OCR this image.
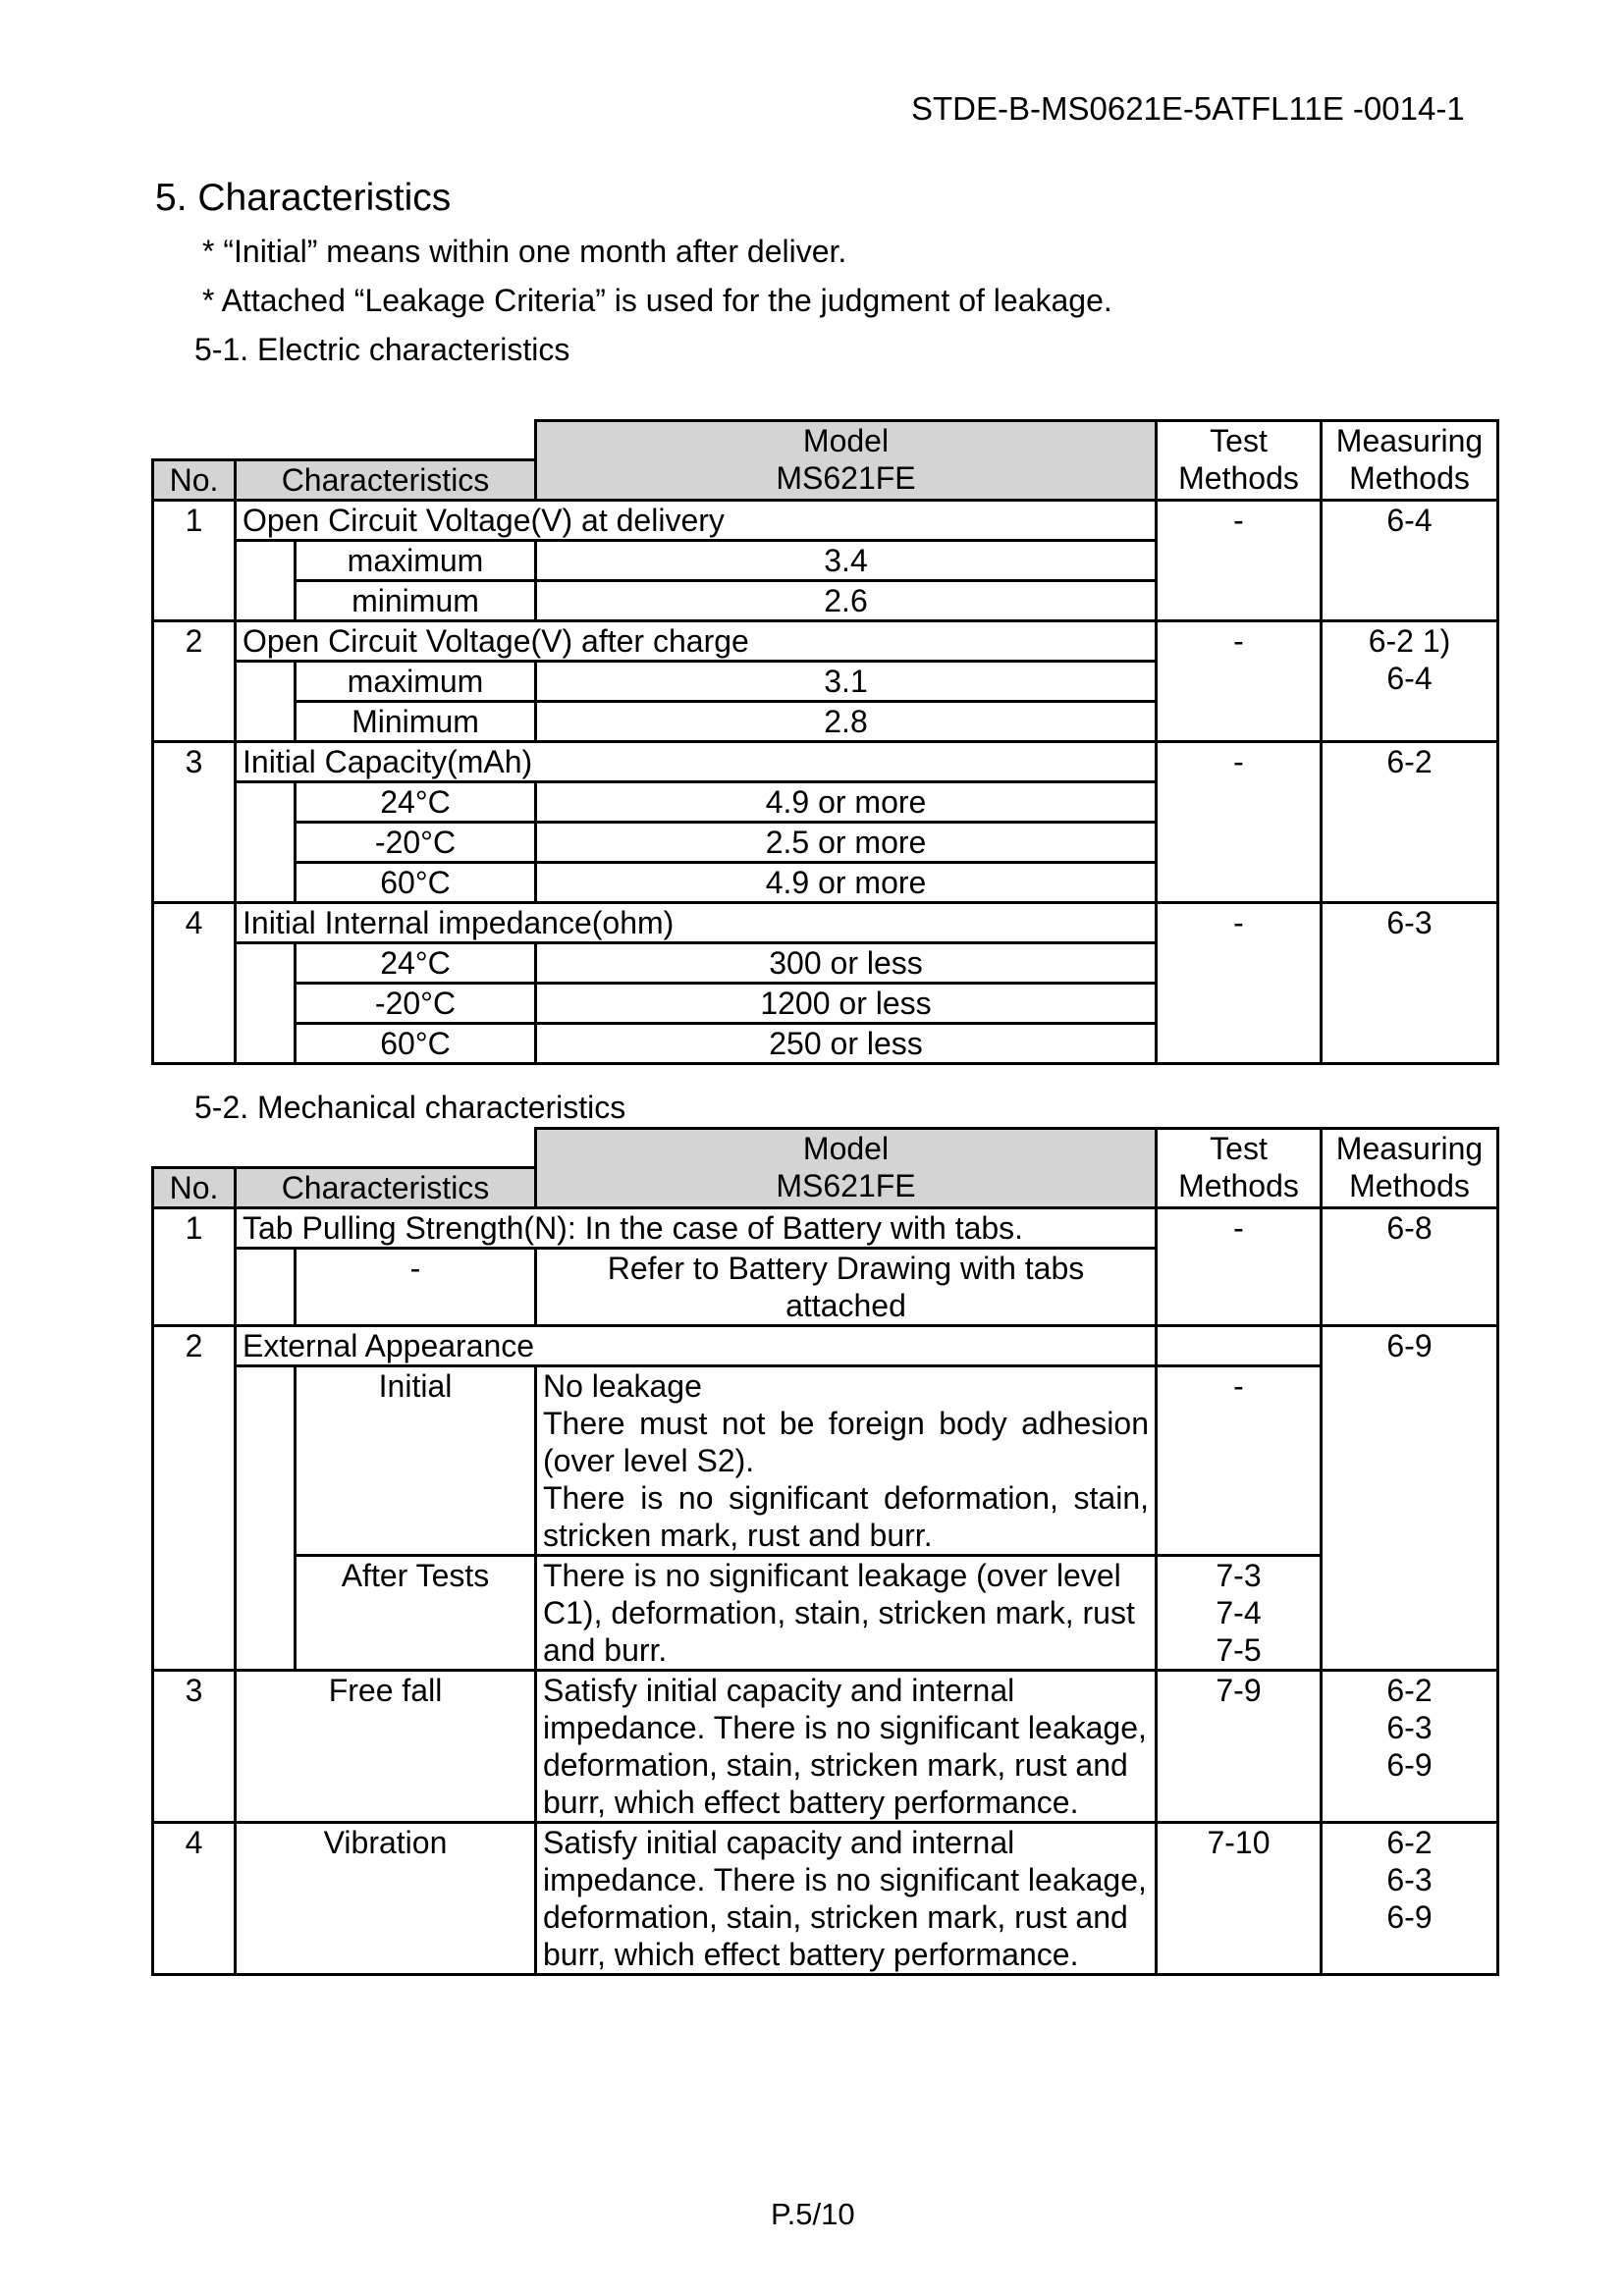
STDE-B-MS0621E-5ATFL11E -0014-1
5. Characteristics
* “Initial” means within one month after deliver.
* Attached “Leakage Criteria” is used for the judgment of leakage.
5-1. Electric characteristics
			Model	Test	Measuring
No.	Characteristics		MS621FE	Methods	Methods
1	Open Circuit Voltage(V) at delivery			-	6-4
		maximum	3.4		
		minimum	2.6		
2	Open Circuit Voltage(V) after charge			-	6-2 1)
6-4

		maximum	3.1		
		Minimum	2.8		
3	Initial Capacity(mAh)			-	6-2
		24°C	4.9 or more		
		-20°C	2.5 or more		
		60°C	4.9 or more		
4	Initial Internal impedance(ohm)			-	6-3
		24°C	300 or less		
		-20°C	1200 or less		
		60°C	250 or less		
5-2. Mechanical characteristics
			Model	Test	Measuring
No.	Characteristics		MS621FE	Methods	Methods
1	Tab Pulling Strength(N): In the case of Battery with tabs.			-	6-8
		-	Refer to Battery Drawing with tabs
attached		

2	External Appearance				6-9
		Initial	No leakage
There must not be foreign body adhesion (over level S2).
There is no significant deformation, stain, stricken mark, rust and burr.	-	
		After Tests	There is no significant leakage (over level C1), deformation, stain, stricken mark, rust and burr.	7-3
7-4
7-5	

3	Free fall		Satisfy initial capacity and internal impedance. There is no significant leakage, deformation, stain, stricken mark, rust and burr, which effect battery performance.	7-9	6-2
6-3
6-9

4	Vibration		Satisfy initial capacity and internal impedance. There is no significant leakage, deformation, stain, stricken mark, rust and burr, which effect battery performance.	7-10	6-2
6-3
6-9
P.5/10
